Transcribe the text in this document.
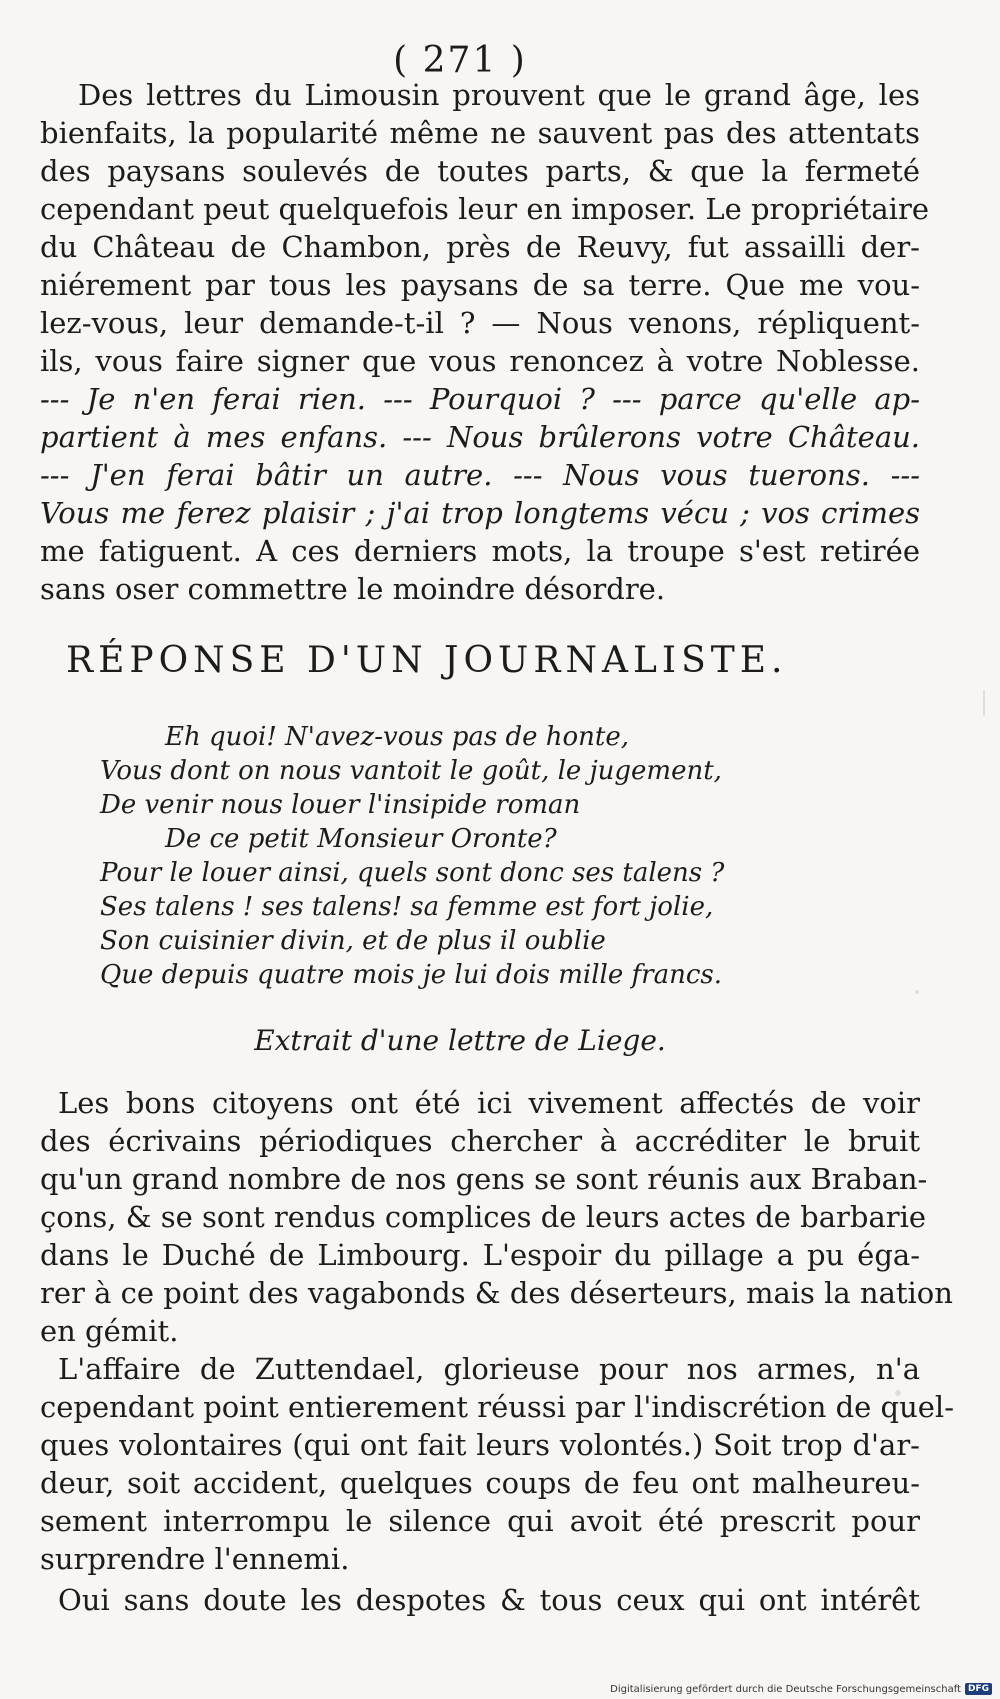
( 271 )
Des lettres du Limousin prouvent que le grand âge, les
bienfaits, la popularité même ne sauvent pas des attentats
des paysans soulevés de toutes parts, & que la fermeté
cependant peut quelquefois leur en imposer. Le propriétaire
du Château de Chambon, près de Reuvy, fut assailli der-
niérement par tous les paysans de sa terre. Que me vou-
lez-vous, leur demande-t-il ? — Nous venons, répliquent-
ils, vous faire signer que vous renoncez à votre Noblesse.
--- Je n'en ferai rien. --- Pourquoi ? --- parce qu'elle ap-
partient à mes enfans. --- Nous brûlerons votre Château.
--- J'en ferai bâtir un autre. --- Nous vous tuerons. ---
Vous me ferez plaisir ; j'ai trop longtems vécu ; vos crimes
me fatiguent. A ces derniers mots, la troupe s'est retirée
sans oser commettre le moindre désordre.
RÉPONSE D'UN JOURNALISTE.
Eh quoi! N'avez-vous pas de honte,
Vous dont on nous vantoit le goût, le jugement,
De venir nous louer l'insipide roman
De ce petit Monsieur Oronte?
Pour le louer ainsi, quels sont donc ses talens ?
Ses talens ! ses talens! sa femme est fort jolie,
Son cuisinier divin, et de plus il oublie
Que depuis quatre mois je lui dois mille francs.
Extrait d'une lettre de Liege.
Les bons citoyens ont été ici vivement affectés de voir
des écrivains périodiques chercher à accréditer le bruit
qu'un grand nombre de nos gens se sont réunis aux Braban-
çons, & se sont rendus complices de leurs actes de barbarie
dans le Duché de Limbourg. L'espoir du pillage a pu éga-
rer à ce point des vagabonds & des déserteurs, mais la nation
en gémit.
L'affaire de Zuttendael, glorieuse pour nos armes, n'a
cependant point entierement réussi par l'indiscrétion de quel-
ques volontaires (qui ont fait leurs volontés.) Soit trop d'ar-
deur, soit accident, quelques coups de feu ont malheureu-
sement interrompu le silence qui avoit été prescrit pour
surprendre l'ennemi.
Oui sans doute les despotes & tous ceux qui ont intérêt
Digitalisierung gefördert durch die Deutsche Forschungsgemeinschaft DFG
